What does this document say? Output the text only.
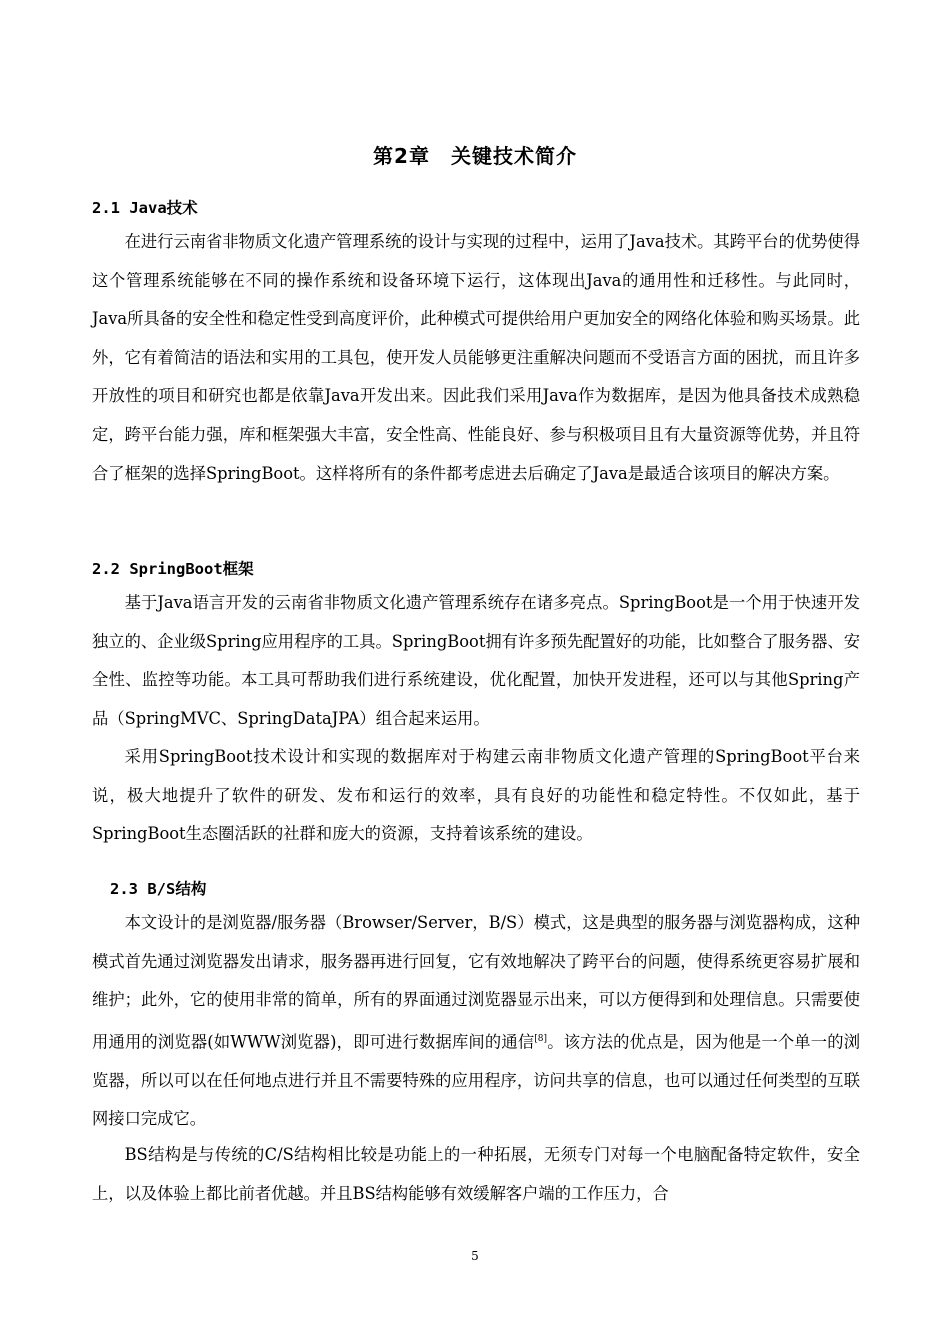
第2章　关键技术简介
2.1 Java技术

在进行云南省非物质文化遗产管理系统的设计与实现的过程中，运用了Java技术。其跨平台的优势使得这个管理系统能够在不同的操作系统和设备环境下运行，这体现出Java的通用性和迁移性。与此同时，Java所具备的安全性和稳定性受到高度评价，此种模式可提供给用户更加安全的网络化体验和购买场景。此外，它有着简洁的语法和实用的工具包，使开发人员能够更注重解决问题而不受语言方面的困扰，而且许多开放性的项目和研究也都是依靠Java开发出来。因此我们采用Java作为数据库，是因为他具备技术成熟稳定，跨平台能力强，库和框架强大丰富，安全性高、性能良好、参与积极项目且有大量资源等优势，并且符合了框架的选择SpringBoot。这样将所有的条件都考虑进去后确定了Java是最适合该项目的解决方案。

2.2 SpringBoot框架

基于Java语言开发的云南省非物质文化遗产管理系统存在诸多亮点。SpringBoot是一个用于快速开发独立的、企业级Spring应用程序的工具。SpringBoot拥有许多预先配置好的功能，比如整合了服务器、安全性、监控等功能。本工具可帮助我们进行系统建设，优化配置，加快开发进程，还可以与其他Spring产品（SpringMVC、SpringDataJPA）组合起来运用。

采用SpringBoot技术设计和实现的数据库对于构建云南非物质文化遗产管理的SpringBoot平台来说，极大地提升了软件的研发、发布和运行的效率，具有良好的功能性和稳定特性。不仅如此，基于SpringBoot生态圈活跃的社群和庞大的资源，支持着该系统的建设。

2.3 B/S结构

本文设计的是浏览器/服务器（Browser/Server，B/S）模式，这是典型的服务器与浏览器构成，这种模式首先通过浏览器发出请求，服务器再进行回复，它有效地解决了跨平台的问题，使得系统更容易扩展和维护；此外，它的使用非常的简单，所有的界面通过浏览器显示出来，可以方便得到和处理信息。只需要使用通用的浏览器(如WWW浏览器)，即可进行数据库间的通信[8]。该方法的优点是，因为他是一个单一的浏览器，所以可以在任何地点进行并且不需要特殊的应用程序，访问共享的信息，也可以通过任何类型的互联网接口完成它。

BS结构是与传统的C/S结构相比较是功能上的一种拓展，无须专门对每一个电脑配备特定软件，安全上，以及体验上都比前者优越。并且BS结构能够有效缓解客户端的工作压力，合

5
